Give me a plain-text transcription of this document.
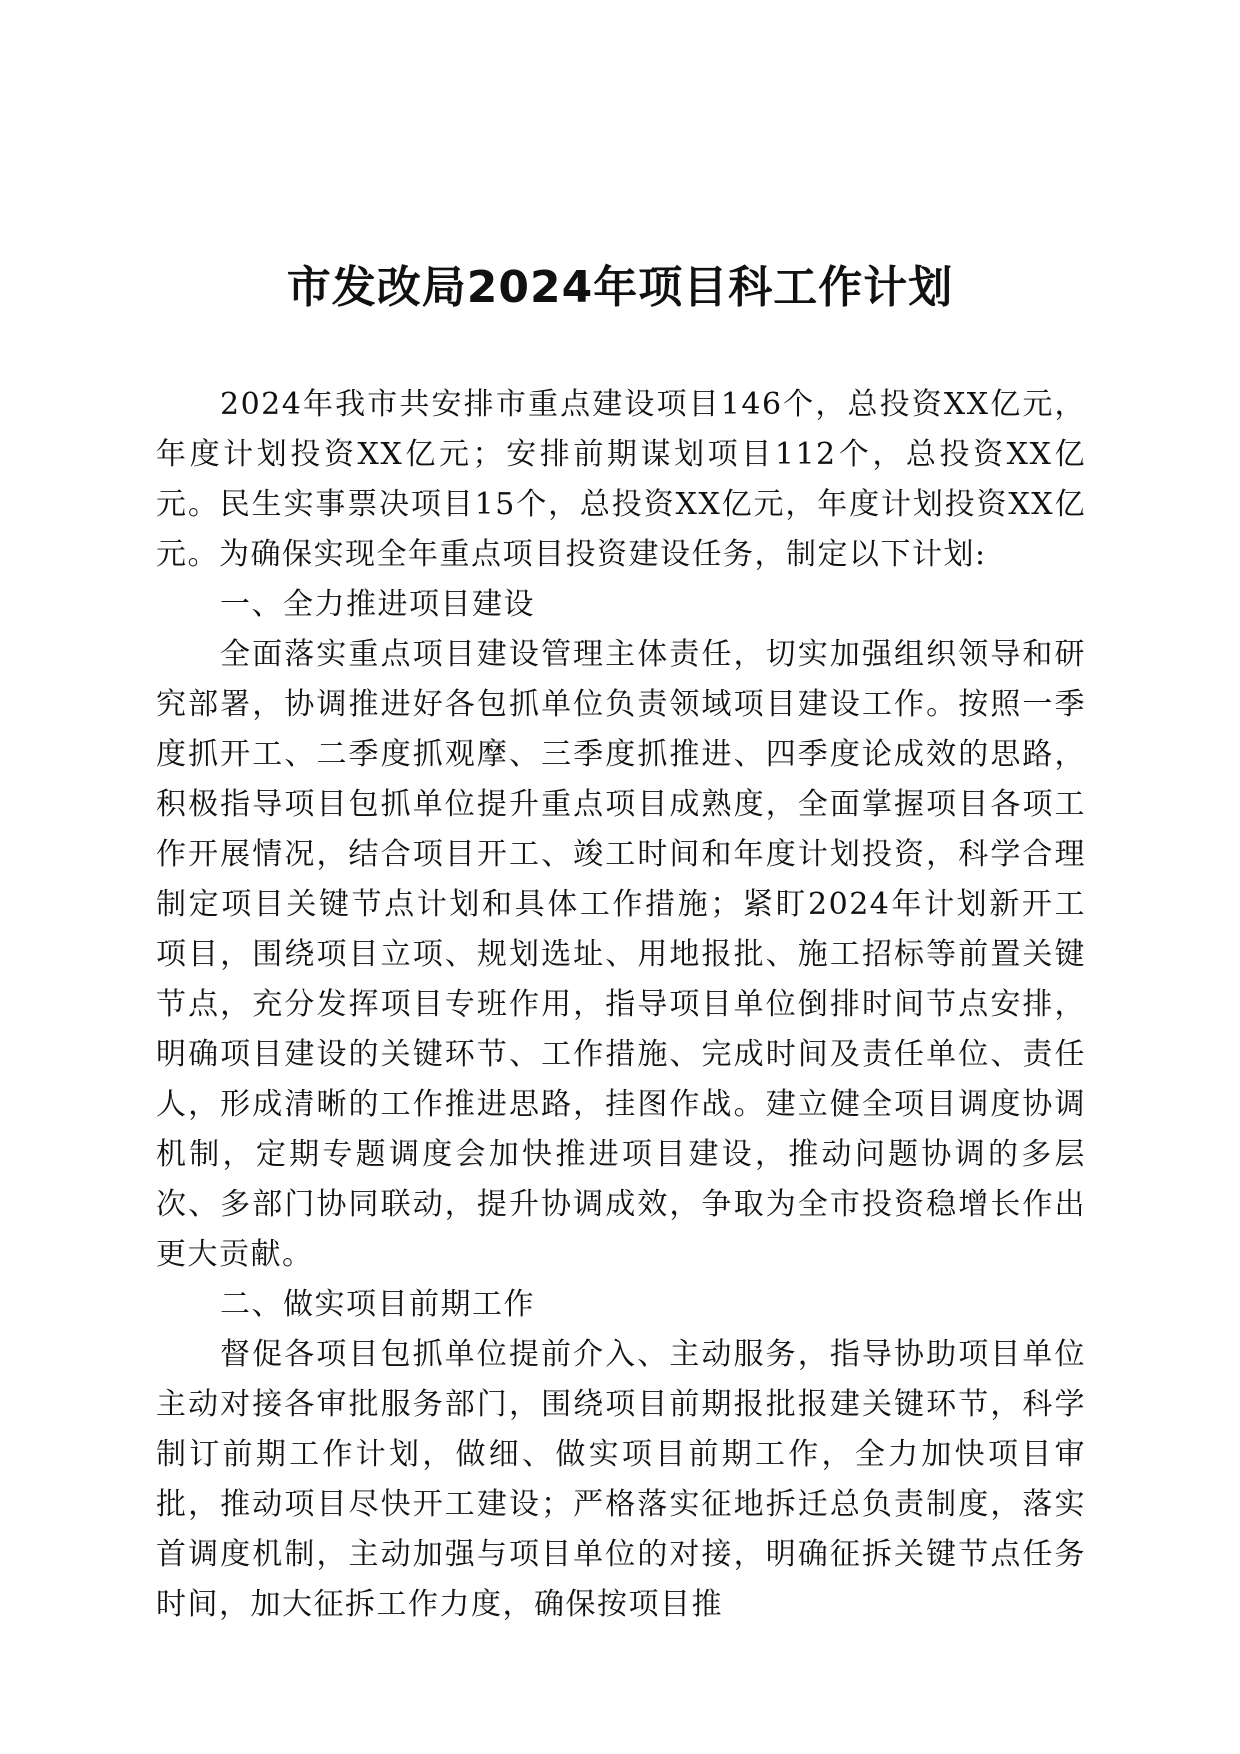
市发改局2024年项目科工作计划

2024年我市共安排市重点建设项目146个，总投资XX亿元，年度计划投资XX亿元；安排前期谋划项目112个，总投资XX亿元。民生实事票决项目15个，总投资XX亿元，年度计划投资XX亿元。为确保实现全年重点项目投资建设任务，制定以下计划:

一、全力推进项目建设

全面落实重点项目建设管理主体责任，切实加强组织领导和研究部署，协调推进好各包抓单位负责领域项目建设工作。按照一季度抓开工、二季度抓观摩、三季度抓推进、四季度论成效的思路，积极指导项目包抓单位提升重点项目成熟度，全面掌握项目各项工作开展情况，结合项目开工、竣工时间和年度计划投资，科学合理制定项目关键节点计划和具体工作措施；紧盯2024年计划新开工项目，围绕项目立项、规划选址、用地报批、施工招标等前置关键节点，充分发挥项目专班作用，指导项目单位倒排时间节点安排，明确项目建设的关键环节、工作措施、完成时间及责任单位、责任人，形成清晰的工作推进思路，挂图作战。建立健全项目调度协调机制，定期专题调度会加快推进项目建设，推动问题协调的多层次、多部门协同联动，提升协调成效，争取为全市投资稳增长作出更大贡献。

二、做实项目前期工作

督促各项目包抓单位提前介入、主动服务，指导协助项目单位主动对接各审批服务部门，围绕项目前期报批报建关键环节，科学制订前期工作计划，做细、做实项目前期工作，全力加快项目审批，推动项目尽快开工建设；严格落实征地拆迁总负责制度，落实首调度机制，主动加强与项目单位的对接，明确征拆关键节点任务时间，加大征拆工作力度，确保按项目推
